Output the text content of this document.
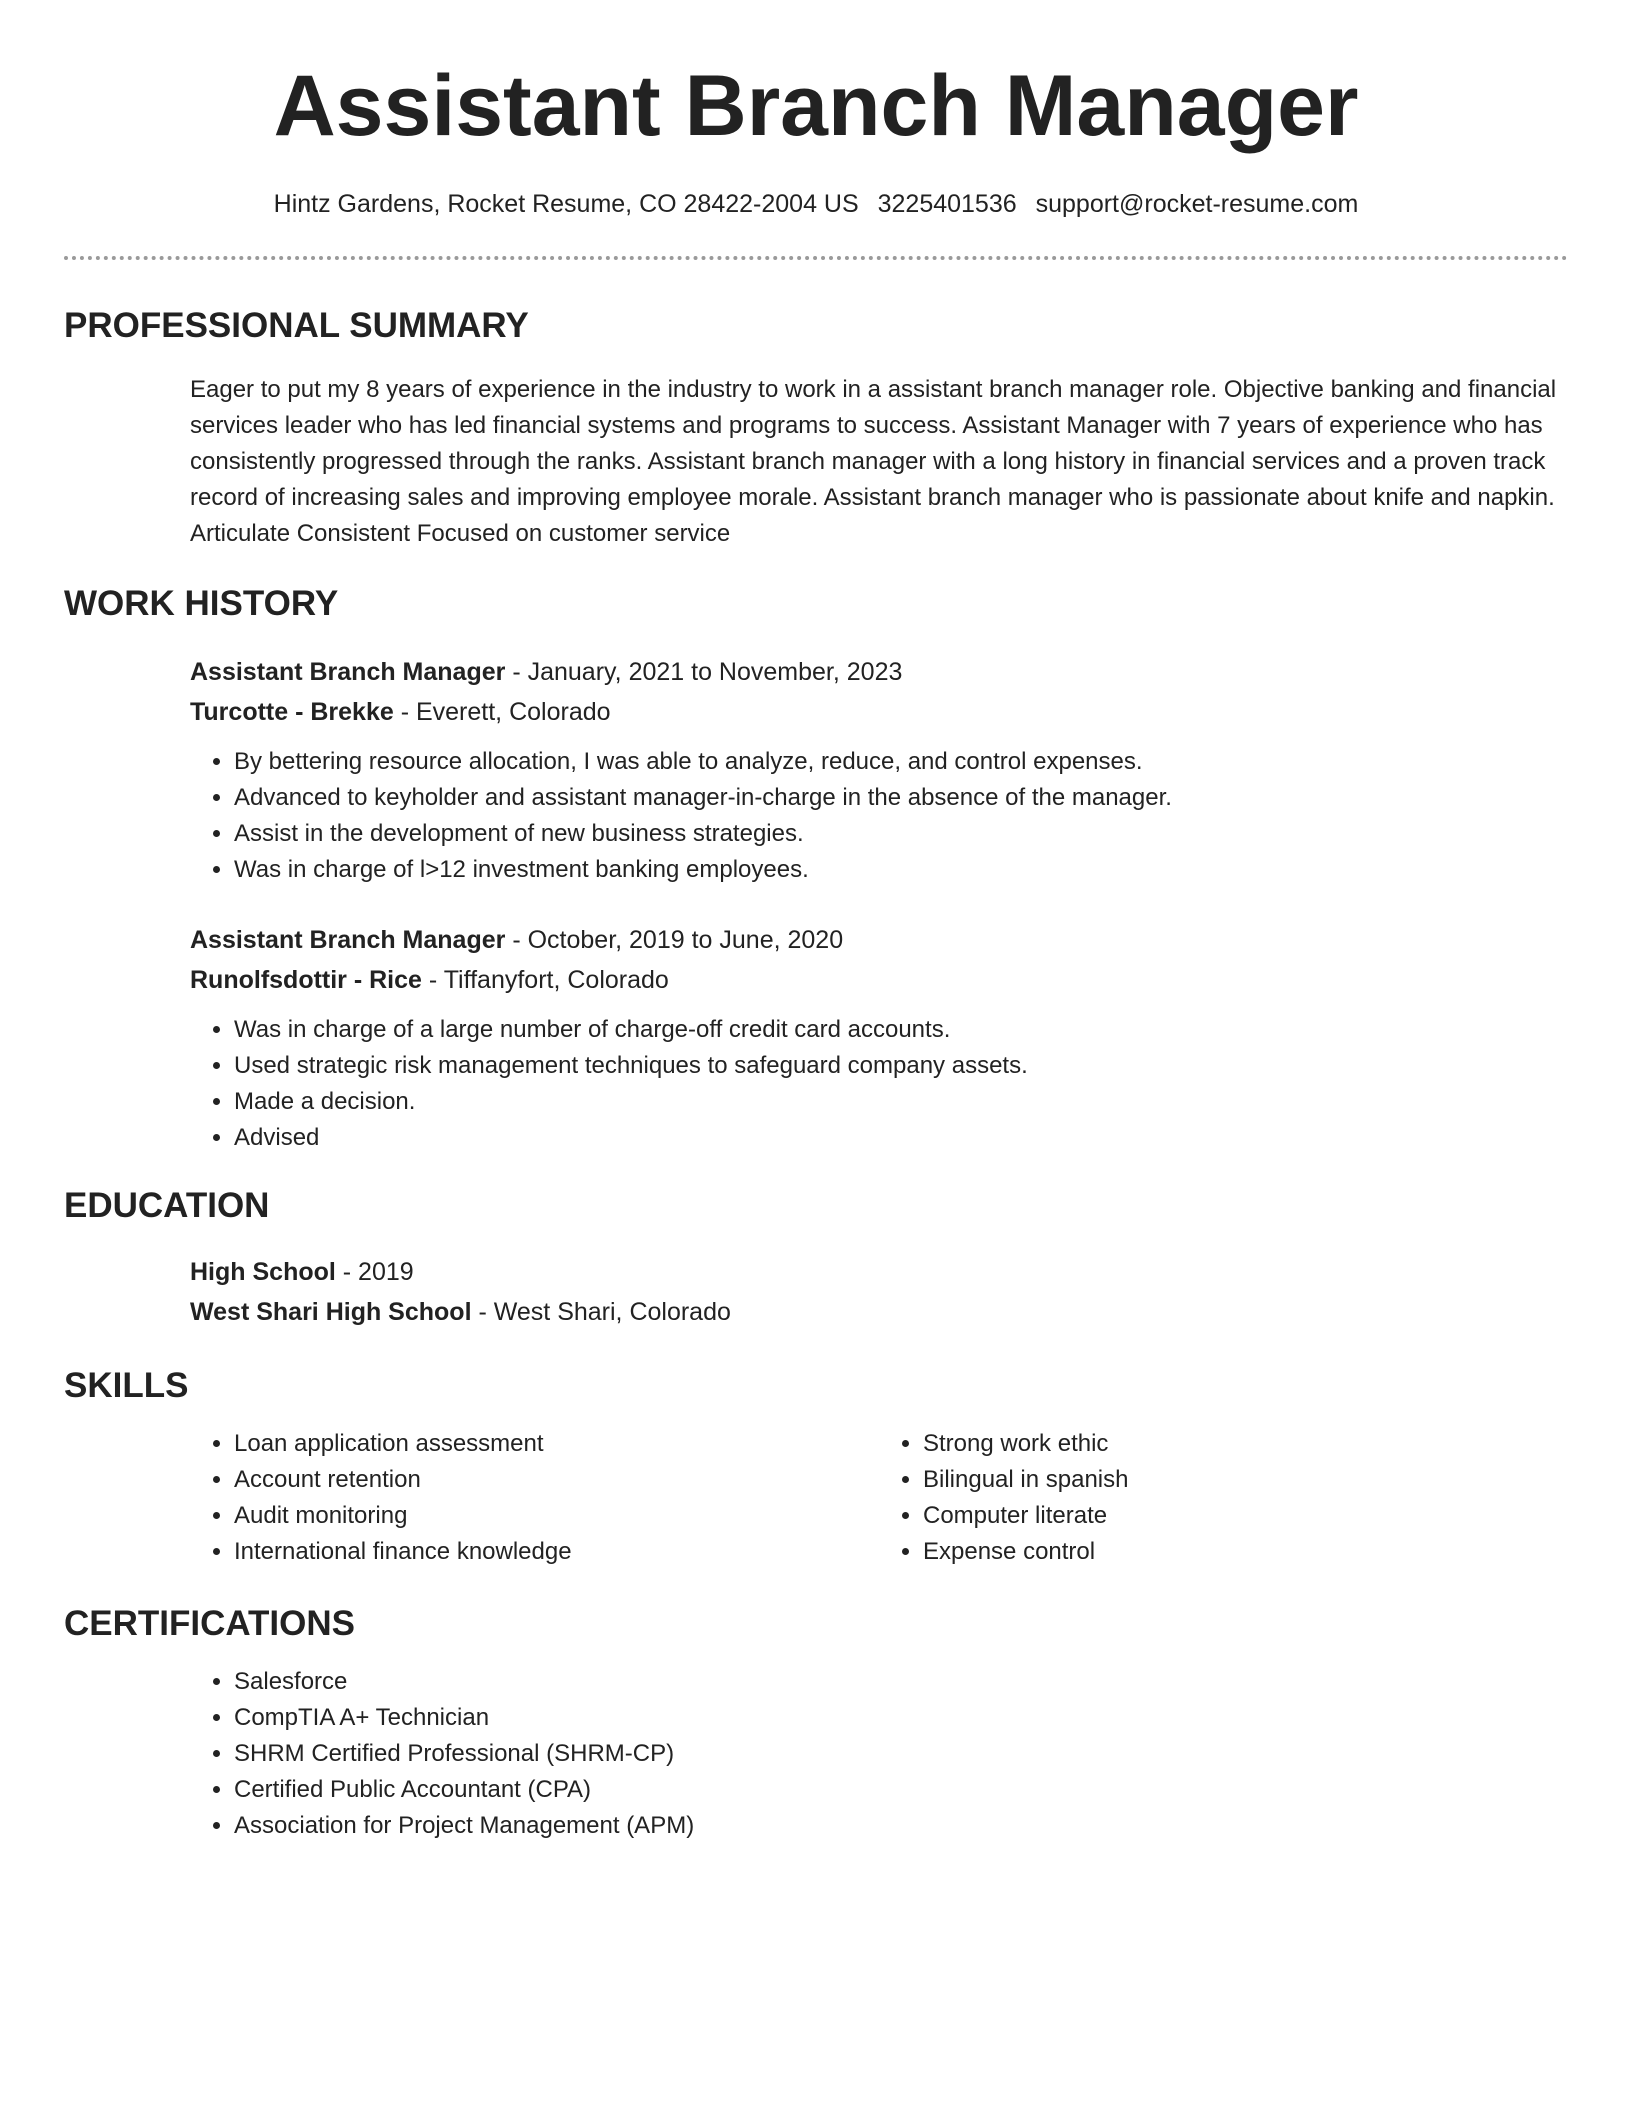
Assistant Branch Manager
Hintz Gardens, Rocket Resume, CO 28422-2004 US 3225401536 support@rocket-resume.com
PROFESSIONAL SUMMARY

Eager to put my 8 years of experience in the industry to work in a assistant branch manager role. Objective banking and financial services leader who has led financial systems and programs to success. Assistant Manager with 7 years of experience who has consistently progressed through the ranks. Assistant branch manager with a long history in financial services and a proven track record of increasing sales and improving employee morale. Assistant branch manager who is passionate about knife and napkin. Articulate Consistent Focused on customer service

WORK HISTORY
Assistant Branch Manager - January, 2021 to November, 2023
Turcotte - Brekke - Everett, Colorado
• By bettering resource allocation, I was able to analyze, reduce, and control expenses.
• Advanced to keyholder and assistant manager-in-charge in the absence of the manager.
• Assist in the development of new business strategies.
• Was in charge of l>12 investment banking employees.
Assistant Branch Manager - October, 2019 to June, 2020
Runolfsdottir - Rice - Tiffanyfort, Colorado
• Was in charge of a large number of charge-off credit card accounts.
• Used strategic risk management techniques to safeguard company assets.
• Made a decision.
• Advised
EDUCATION
High School - 2019
West Shari High School - West Shari, Colorado
SKILLS
• Loan application assessment
• Account retention
• Audit monitoring
• International finance knowledge
• Strong work ethic
• Bilingual in spanish
• Computer literate
• Expense control
CERTIFICATIONS
• Salesforce
• CompTIA A+ Technician
• SHRM Certified Professional (SHRM-CP)
• Certified Public Accountant (CPA)
• Association for Project Management (APM)
